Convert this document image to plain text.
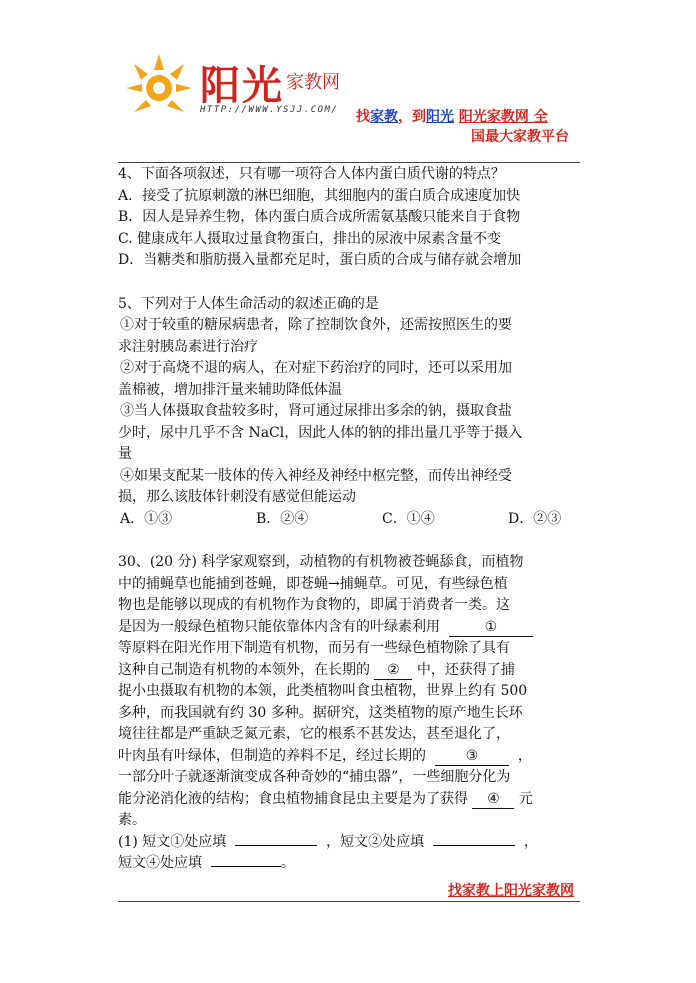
阳光 家教网
HTTP://WWW.YSJJ.COM/ 找家教，到阳光 阳光家教网 全
国最大家教平台

4、下面各项叙述，只有哪一项符合人体内蛋白质代谢的特点？

A．接受了抗原刺激的淋巴细胞，其细胞内的蛋白质合成速度加快

B．因人是异养生物，体内蛋白质合成所需氨基酸只能来自于食物

C. 健康成年人摄取过量食物蛋白，排出的尿液中尿素含量不变

D．当糖类和脂肪摄入量都充足时，蛋白质的合成与储存就会增加

5、下列对于人体生命活动的叙述正确的是

①对于较重的糖尿病患者，除了控制饮食外，还需按照医生的要

求注射胰岛素进行治疗

②对于高烧不退的病人，在对症下药治疗的同时，还可以采用加

盖棉被，增加排汗量来辅助降低体温

③当人体摄取食盐较多时，肾可通过尿排出多余的钠，摄取食盐

少时，尿中几乎不含 NaCl，因此人体的钠的排出量几乎等于摄入

量

④如果支配某一肢体的传入神经及神经中枢完整，而传出神经受

损，那么该肢体针刺没有感觉但能运动

A．①③	B．②④	C．①④	D．②③

30、(20 分) 科学家观察到，动植物的有机物被苍蝇舔食，而植物

中的捕蝇草也能捕到苍蝇，即苍蝇→捕蝇草。可见，有些绿色植

物也是能够以现成的有机物作为食物的，即属于消费者一类。这

是因为一般绿色植物只能依靠体内含有的叶绿素利用	①

等原料在阳光作用下制造有机物，而另有一些绿色植物除了具有

这种自己制造有机物的本领外，在长期的 ② 中，还获得了捕

捉小虫摄取有机物的本领，此类植物叫食虫植物，世界上约有 500

多种，而我国就有约 30 多种。据研究，这类植物的原产地生长环

境往往都是严重缺乏氮元素，它的根系不甚发达，甚至退化了，

叶肉虽有叶绿体，但制造的养料不足，经过长期的	③	，

一部分叶子就逐渐演变成各种奇妙的“捕虫器”，一些细胞分化为

能分泌消化液的结构；食虫植物捕食昆虫主要是为了获得 ④ 元

素。

(1) 短文①处应填	，短文②处应填	，

短文④处应填	。

找家教上阳光家教网
